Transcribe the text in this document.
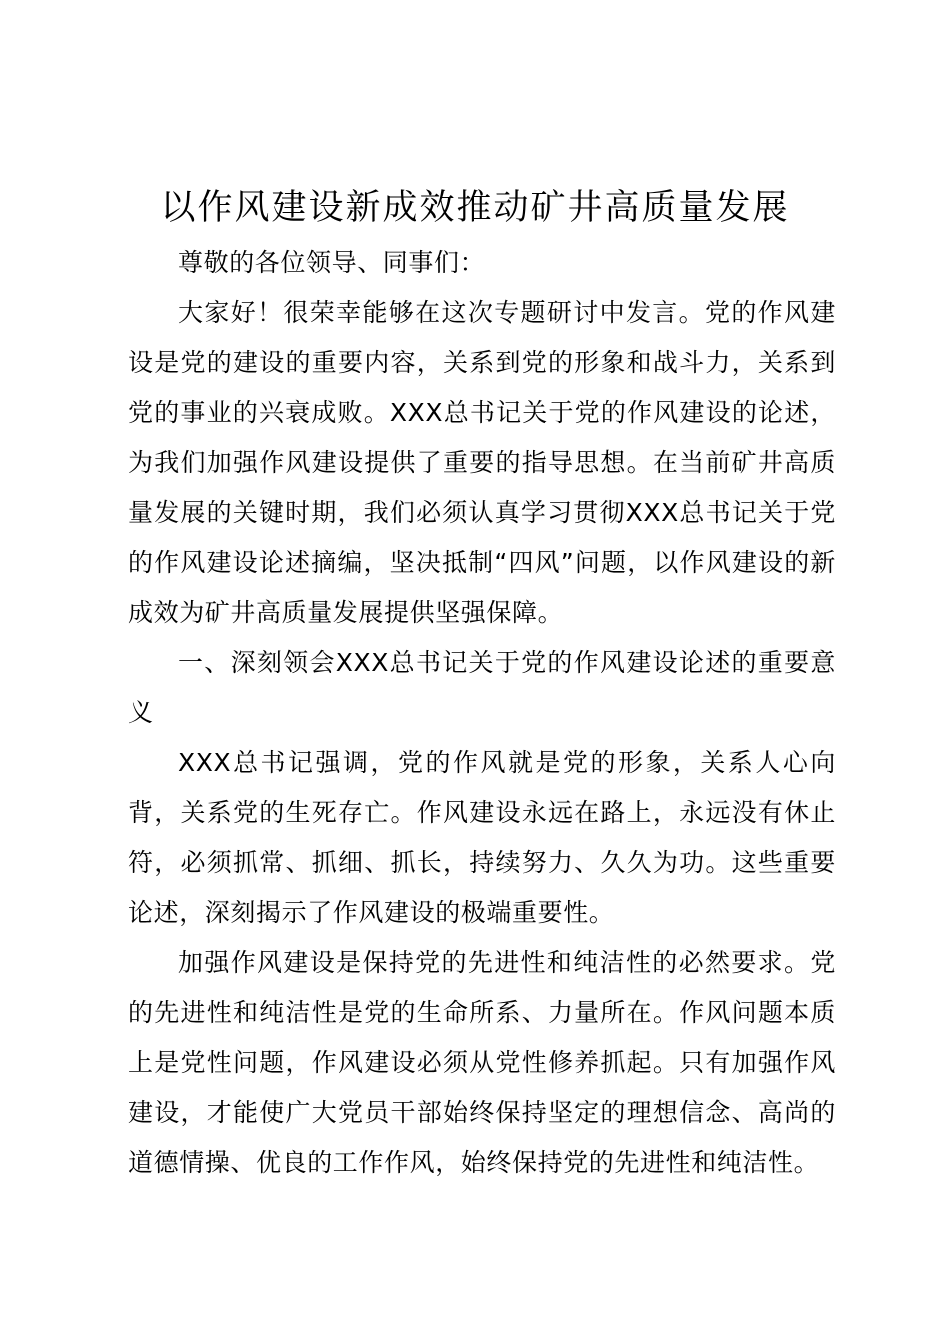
以作风建设新成效推动矿井高质量发展

尊敬的各位领导、同事们：

大家好！很荣幸能够在这次专题研讨中发言。党的作风建设是党的建设的重要内容，关系到党的形象和战斗力，关系到党的事业的兴衰成败。XXX总书记关于党的作风建设的论述，为我们加强作风建设提供了重要的指导思想。在当前矿井高质量发展的关键时期，我们必须认真学习贯彻XXX总书记关于党的作风建设论述摘编，坚决抵制“四风”问题，以作风建设的新成效为矿井高质量发展提供坚强保障。

一、深刻领会XXX总书记关于党的作风建设论述的重要意义

XXX总书记强调，党的作风就是党的形象，关系人心向背，关系党的生死存亡。作风建设永远在路上，永远没有休止符，必须抓常、抓细、抓长，持续努力、久久为功。这些重要论述，深刻揭示了作风建设的极端重要性。

加强作风建设是保持党的先进性和纯洁性的必然要求。党的先进性和纯洁性是党的生命所系、力量所在。作风问题本质上是党性问题，作风建设必须从党性修养抓起。只有加强作风建设，才能使广大党员干部始终保持坚定的理想信念、高尚的道德情操、优良的工作作风，始终保持党的先进性和纯洁性。
